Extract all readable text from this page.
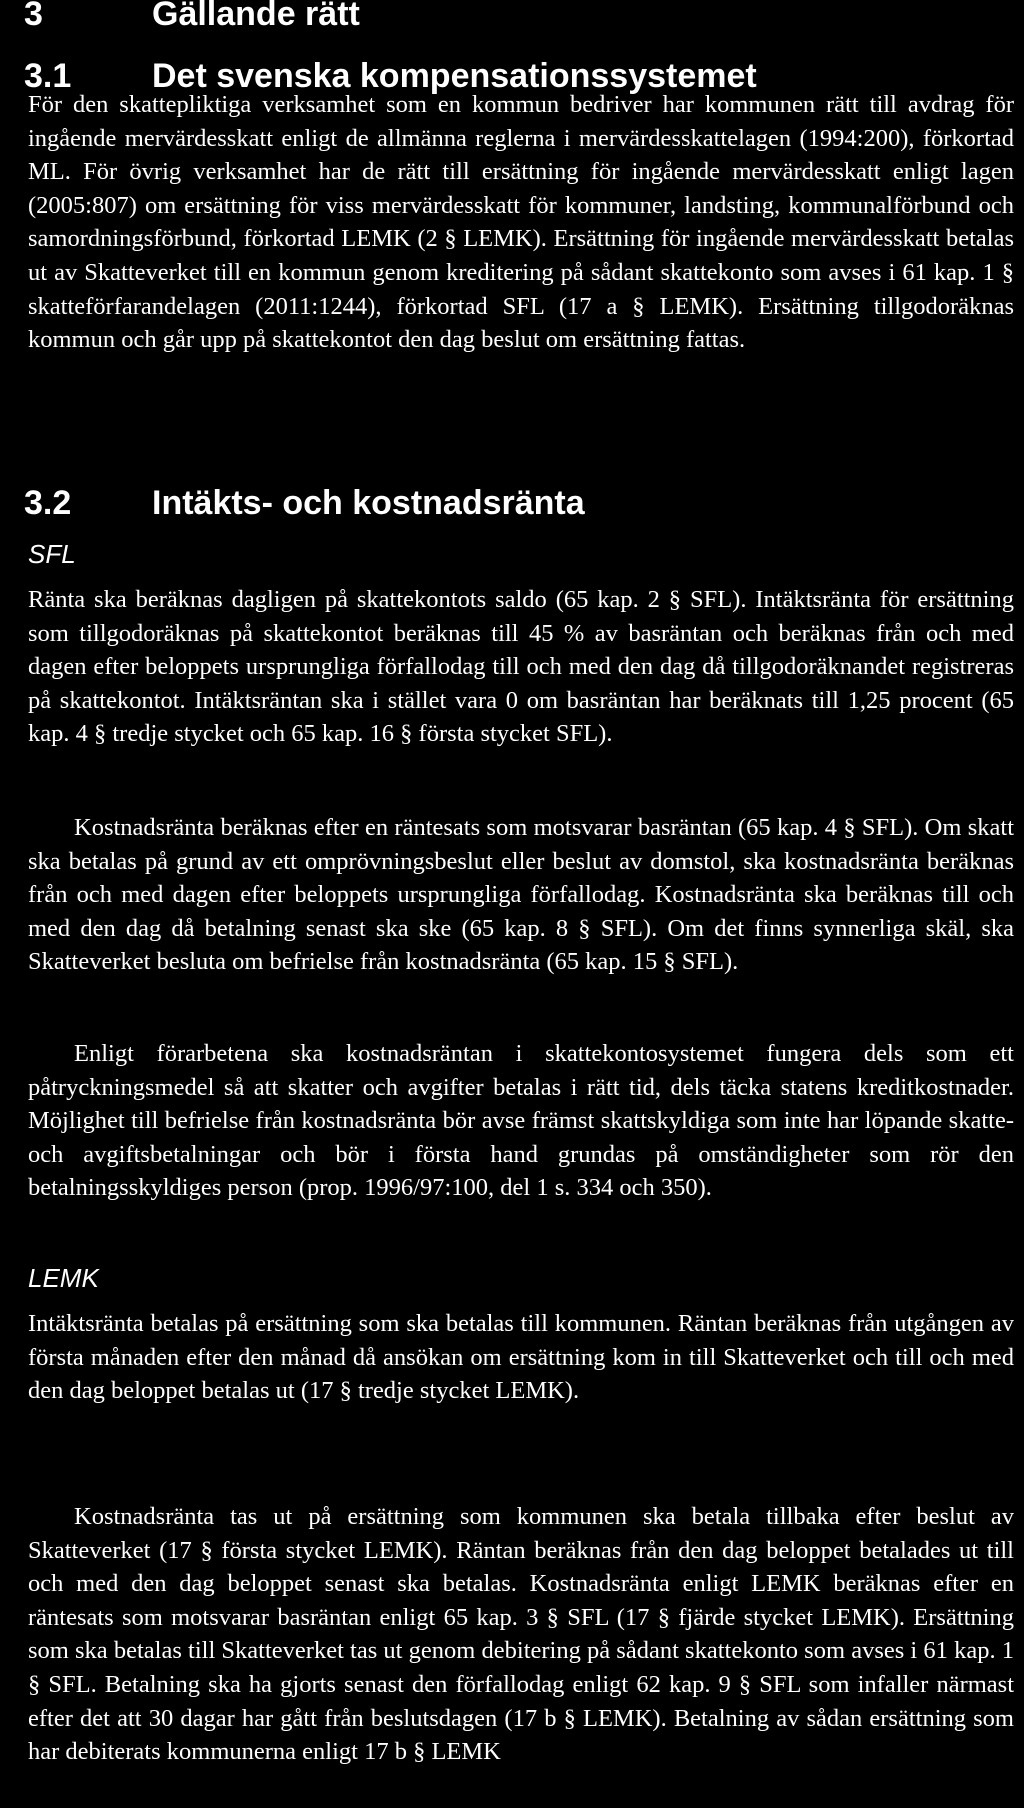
3	Gällande rätt
3.1 Det svenska kompensationssystemet

För den skattepliktiga verksamhet som en kommun bedriver har kommunen rätt till avdrag för ingående mervärdesskatt enligt de allmänna reglerna i mervärdesskattelagen (1994:200), förkortad ML. För övrig verksamhet har de rätt till ersättning för ingående mervärdesskatt enligt lagen (2005:807) om ersättning för viss mervärdesskatt för kommuner, landsting, kommunalförbund och samordningsförbund, förkortad LEMK (2 § LEMK). Ersättning för ingående mervärdesskatt betalas ut av Skatteverket till en kommun genom kreditering på sådant skattekonto som avses i 61 kap. 1 § skatteförfarandelagen (2011:1244), förkortad SFL (17 a § LEMK). Ersättning tillgodoräknas kommun och går upp på skattekontot den dag beslut om ersättning fattas.

3.2 Intäkts- och kostnadsränta
SFL

Ränta ska beräknas dagligen på skattekontots saldo (65 kap. 2 § SFL). Intäktsränta för ersättning som tillgodoräknas på skattekontot beräknas till 45 % av basräntan och beräknas från och med dagen efter beloppets ursprungliga förfallodag till och med den dag då tillgodoräknandet registreras på skattekontot. Intäktsräntan ska i stället vara 0 om basräntan har beräknats till 1,25 procent (65 kap. 4 § tredje stycket och 65 kap. 16 § första stycket SFL).

Kostnadsränta beräknas efter en räntesats som motsvarar basräntan (65 kap. 4 § SFL). Om skatt ska betalas på grund av ett omprövningsbeslut eller beslut av domstol, ska kostnadsränta beräknas från och med dagen efter beloppets ursprungliga förfallodag. Kostnadsränta ska beräknas till och med den dag då betalning senast ska ske (65 kap. 8 § SFL). Om det finns synnerliga skäl, ska Skatteverket besluta om befrielse från kostnadsränta (65 kap. 15 § SFL).

Enligt förarbetena ska kostnadsräntan i skattekontosystemet fungera dels som ett påtryckningsmedel så att skatter och avgifter betalas i rätt tid, dels täcka statens kreditkostnader. Möjlighet till befrielse från kostnadsränta bör avse främst skattskyldiga som inte har löpande skatte- och avgiftsbetalningar och bör i första hand grundas på omständigheter som rör den betalningsskyldiges person (prop. 1996/97:100, del 1 s. 334 och 350).

LEMK

Intäktsränta betalas på ersättning som ska betalas till kommunen. Räntan beräknas från utgången av första månaden efter den månad då ansökan om ersättning kom in till Skatteverket och till och med den dag beloppet betalas ut (17 § tredje stycket LEMK).

Kostnadsränta tas ut på ersättning som kommunen ska betala tillbaka efter beslut av Skatteverket (17 § första stycket LEMK). Räntan beräknas från den dag beloppet betalades ut till och med den dag beloppet senast ska betalas. Kostnadsränta enligt LEMK beräknas efter en räntesats som motsvarar basräntan enligt 65 kap. 3 § SFL (17 § fjärde stycket LEMK). Ersättning som ska betalas till Skatteverket tas ut genom debitering på sådant skattekonto som avses i 61 kap. 1 § SFL. Betalning ska ha gjorts senast den förfallodag enligt 62 kap. 9 § SFL som infaller närmast efter det att 30 dagar har gått från beslutsdagen (17 b § LEMK). Betalning av sådan ersättning som har debiterats kommunerna enligt 17 b § LEMK
